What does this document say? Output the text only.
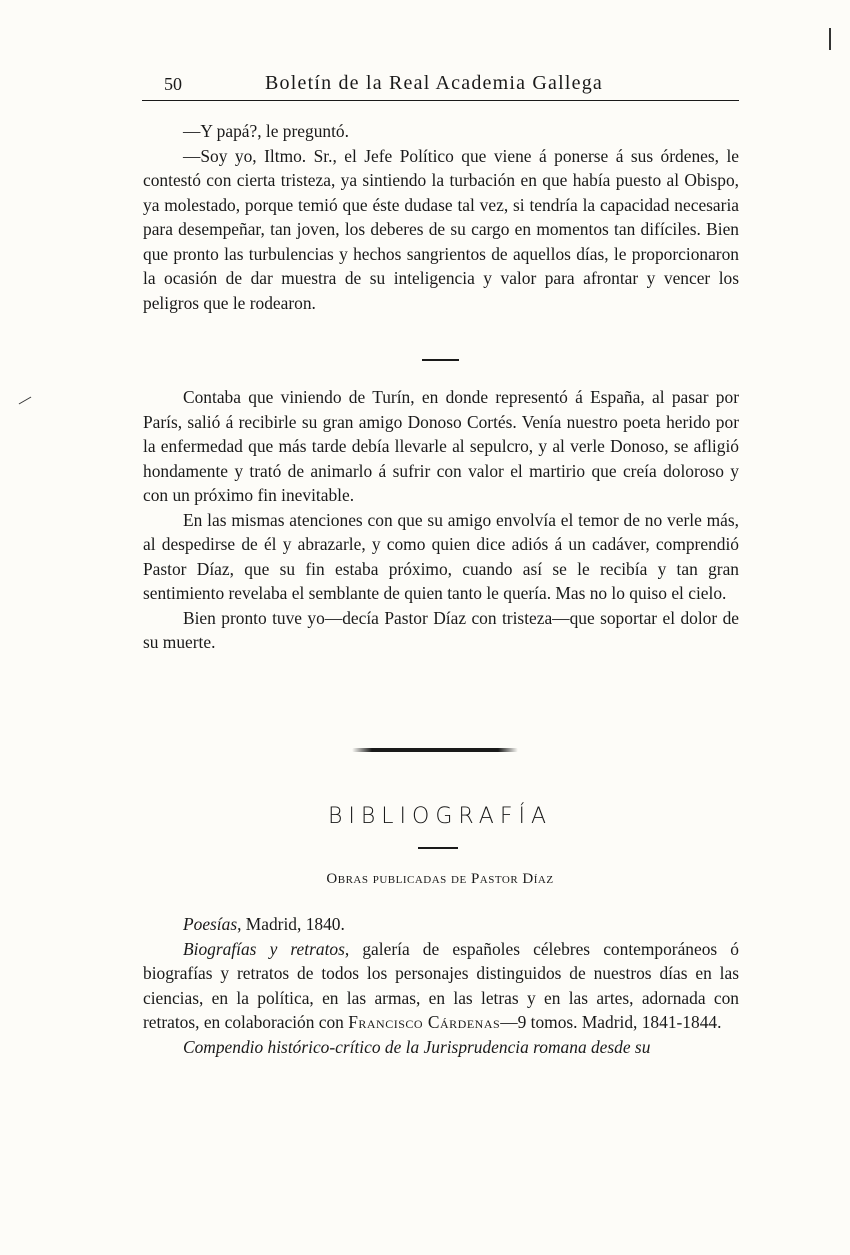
50	Boletín de la Real Academia Gallega

—Y papá?, le preguntó.

—Soy yo, Iltmo. Sr., el Jefe Político que viene á ponerse á sus órdenes, le contestó con cierta tristeza, ya sintiendo la turbación en que había puesto al Obispo, ya molestado, porque temió que éste dudase tal vez, si tendría la capacidad necesaria para desempeñar, tan joven, los deberes de su cargo en momentos tan difíciles. Bien que pronto las turbulencias y hechos sangrientos de aquellos días, le proporcionaron la ocasión de dar muestra de su inteligencia y valor para afrontar y vencer los peligros que le rodearon.

Contaba que viniendo de Turín, en donde representó á España, al pasar por París, salió á recibirle su gran amigo Donoso Cortés. Venía nuestro poeta herido por la enfermedad que más tarde debía llevarle al sepulcro, y al verle Donoso, se afligió hondamente y trató de animarlo á sufrir con valor el martirio que creía doloroso y con un próximo fin inevitable.

En las mismas atenciones con que su amigo envolvía el temor de no verle más, al despedirse de él y abrazarle, y como quien dice adiós á un cadáver, comprendió Pastor Díaz, que su fin estaba próximo, cuando así se le recibía y tan gran sentimiento revelaba el semblante de quien tanto le quería. Mas no lo quiso el cielo.

Bien pronto tuve yo—decía Pastor Díaz con tristeza—que soportar el dolor de su muerte.

BIBLIOGRAFÍA
Obras publicadas de Pastor Díaz

Poesías, Madrid, 1840.

Biografías y retratos, galería de españoles célebres contemporáneos ó biografías y retratos de todos los personajes distinguidos de nuestros días en las ciencias, en la política, en las armas, en las letras y en las artes, adornada con retratos, en colaboración con Francisco Cárdenas—9 tomos. Madrid, 1841-1844.

Compendio histórico-crítico de la Jurisprudencia romana desde su
